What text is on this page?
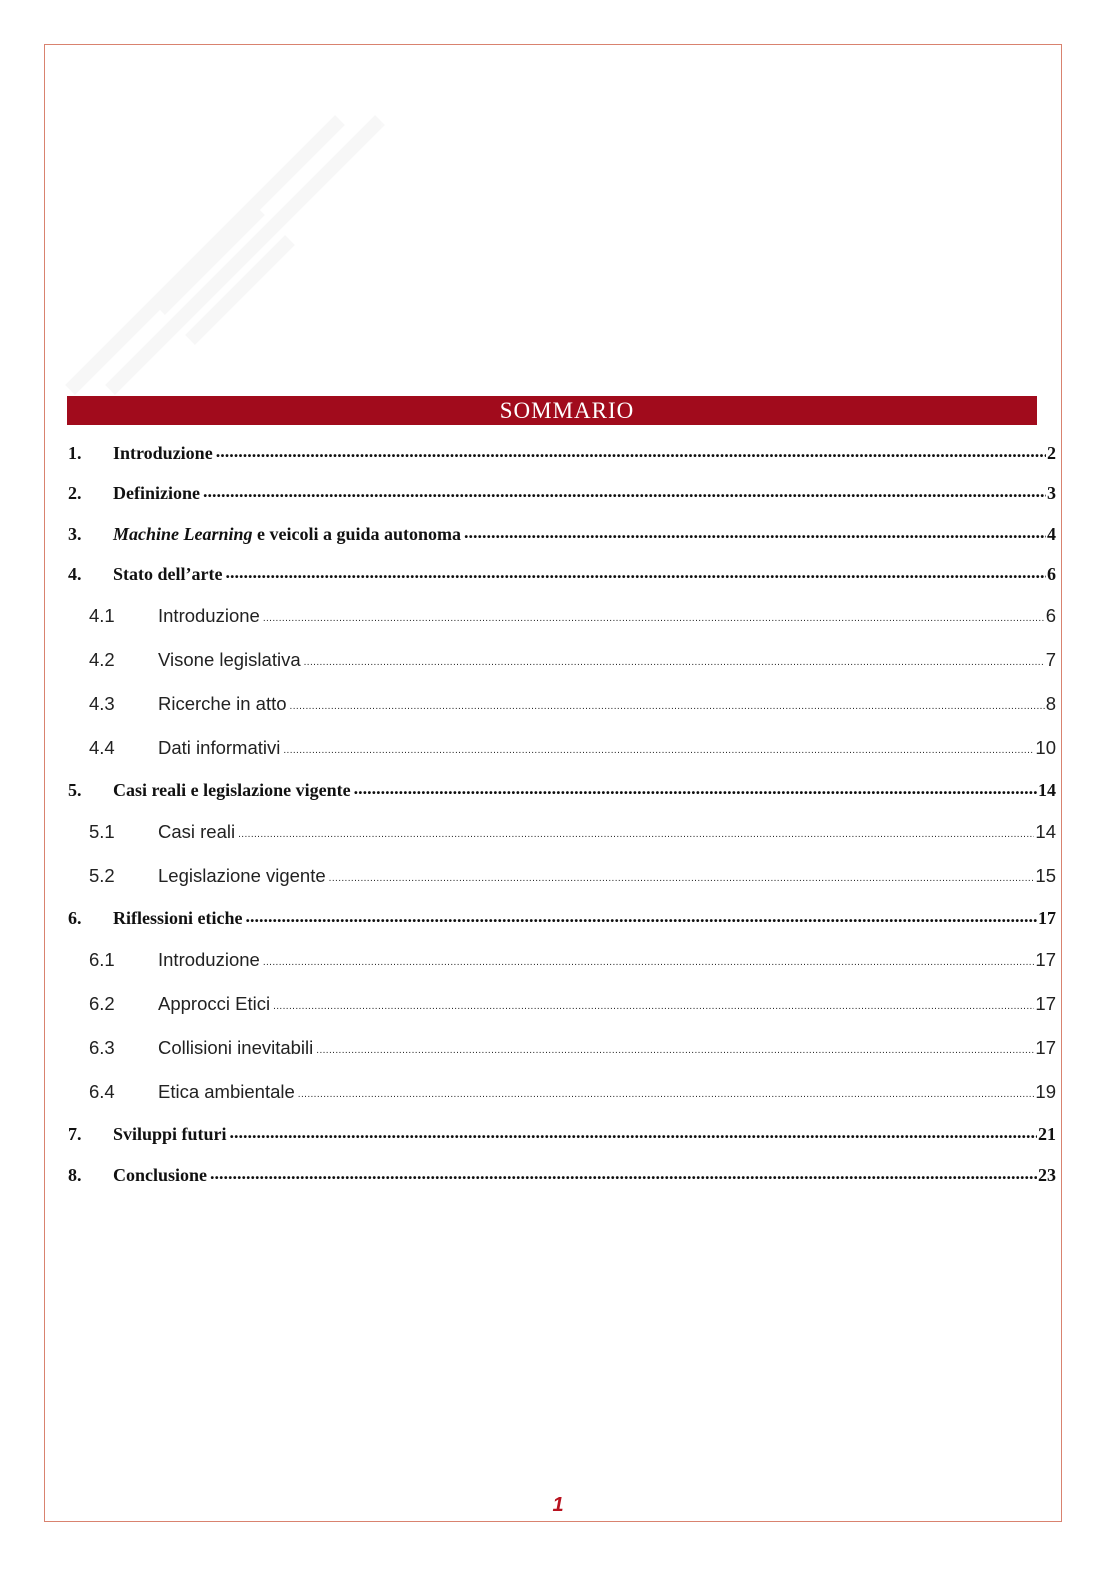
SOMMARIO
1.	Introduzione .....	2
2.	Definizione .....	3
3.	Machine Learning e veicoli a guida autonoma .....	4
4.	Stato dell’arte .....	6
4.1	Introduzione .....	6
4.2	Visone legislativa .....	7
4.3	Ricerche in atto .....	8
4.4	Dati informativi .....	10
5.	Casi reali e legislazione vigente .....	14
5.1	Casi reali .....	14
5.2	Legislazione vigente .....	15
6.	Riflessioni etiche .....	17
6.1	Introduzione .....	17
6.2	Approcci Etici .....	17
6.3	Collisioni inevitabili .....	17
6.4	Etica ambientale .....	19
7.	Sviluppi futuri .....	21
8.	Conclusione .....	23
1
